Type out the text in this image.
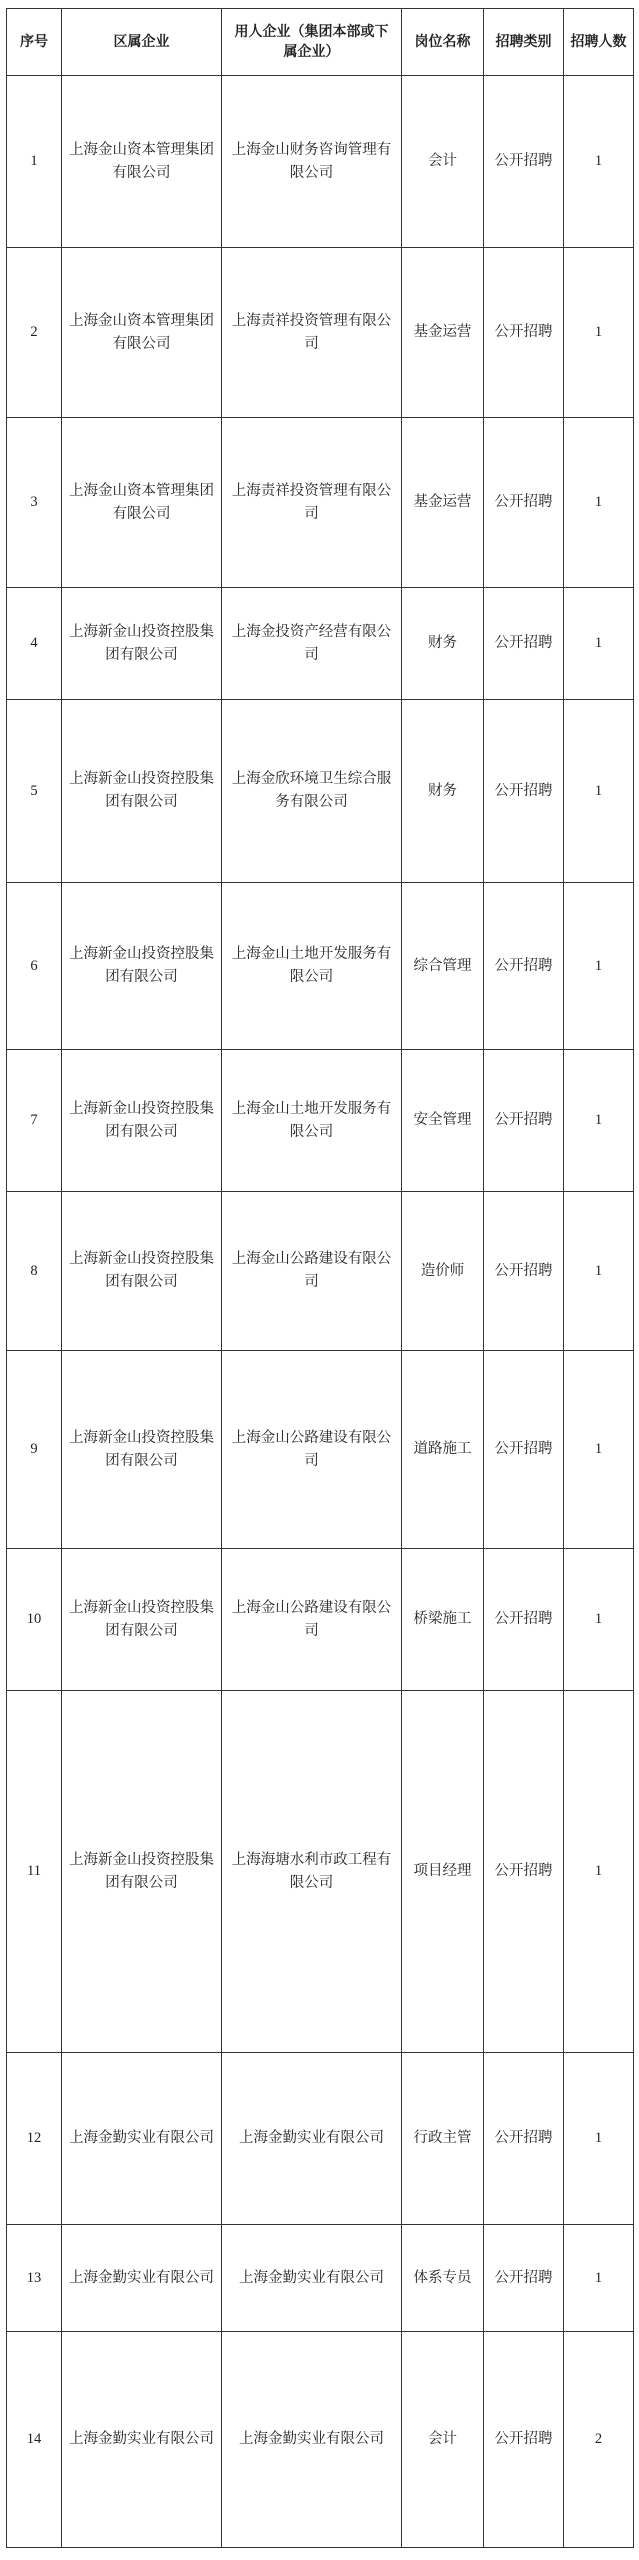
序号	区属企业	用人企业（集团本部或下属企业）	岗位名称	招聘类别	招聘人数
1	上海金山资本管理集团有限公司	上海金山财务咨询管理有限公司	会计	公开招聘	1
2	上海金山资本管理集团有限公司	上海责祥投资管理有限公司	基金运营	公开招聘	1
3	上海金山资本管理集团有限公司	上海责祥投资管理有限公司	基金运营	公开招聘	1
4	上海新金山投资控股集团有限公司	上海金投资产经营有限公司	财务	公开招聘	1
5	上海新金山投资控股集团有限公司	上海金欣环境卫生综合服务有限公司	财务	公开招聘	1
6	上海新金山投资控股集团有限公司	上海金山土地开发服务有限公司	综合管理	公开招聘	1
7	上海新金山投资控股集团有限公司	上海金山土地开发服务有限公司	安全管理	公开招聘	1
8	上海新金山投资控股集团有限公司	上海金山公路建设有限公司	造价师	公开招聘	1
9	上海新金山投资控股集团有限公司	上海金山公路建设有限公司	道路施工	公开招聘	1
10	上海新金山投资控股集团有限公司	上海金山公路建设有限公司	桥梁施工	公开招聘	1
11	上海新金山投资控股集团有限公司	上海海塘水利市政工程有限公司	项目经理	公开招聘	1
12	上海金勤实业有限公司	上海金勤实业有限公司	行政主管	公开招聘	1
13	上海金勤实业有限公司	上海金勤实业有限公司	体系专员	公开招聘	1
14	上海金勤实业有限公司	上海金勤实业有限公司	会计	公开招聘	2
